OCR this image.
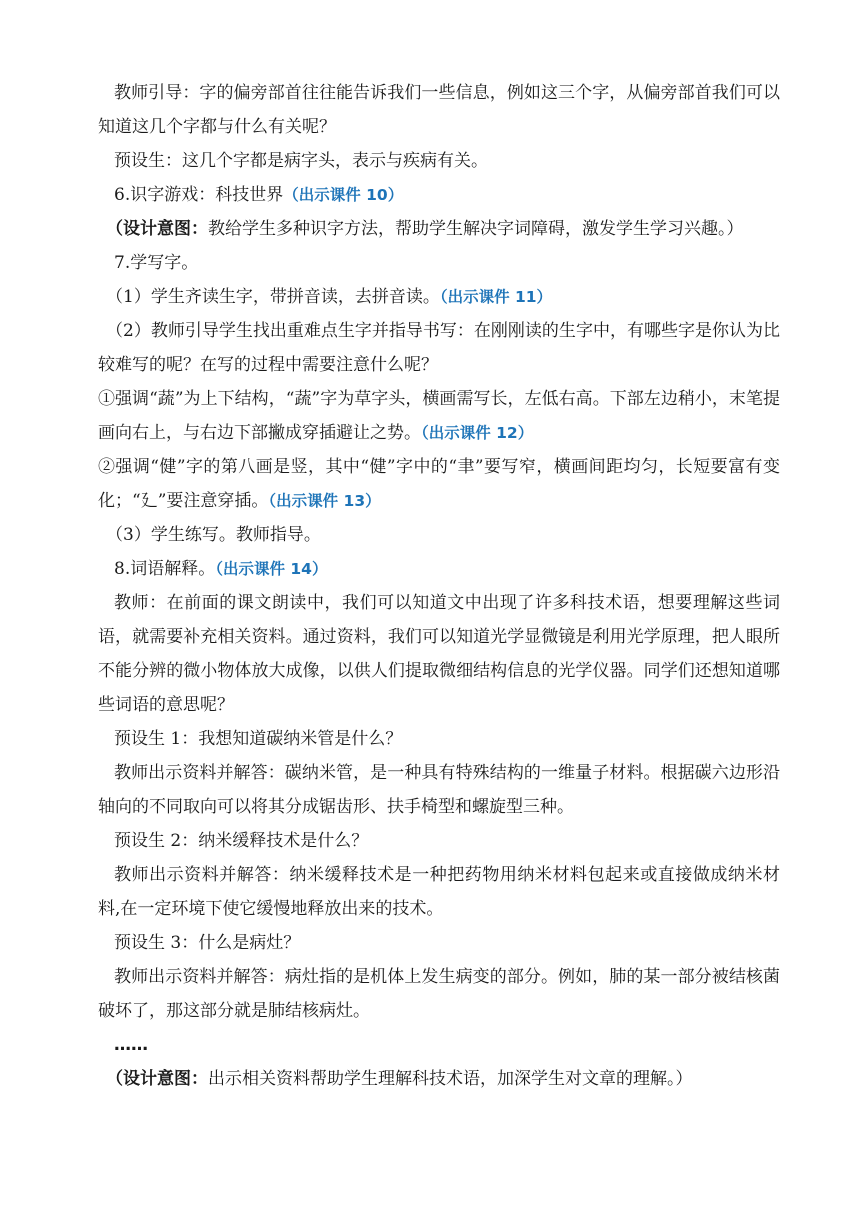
教师引导：字的偏旁部首往往能告诉我们一些信息，例如这三个字，从偏旁部首我们可以知道这几个字都与什么有关呢？

预设生：这几个字都是病字头，表示与疾病有关。

6.识字游戏：科技世界（出示课件 10）

（设计意图：教给学生多种识字方法，帮助学生解决字词障碍，激发学生学习兴趣。）

7.学写字。

（1）学生齐读生字，带拼音读，去拼音读。（出示课件 11）

（2）教师引导学生找出重难点生字并指导书写：在刚刚读的生字中，有哪些字是你认为比较难写的呢？在写的过程中需要注意什么呢？

①强调“蔬”为上下结构，“蔬”字为草字头，横画需写长，左低右高。下部左边稍小，末笔提画向右上，与右边下部撇成穿插避让之势。（出示课件 12）

②强调“健”字的第八画是竖，其中“健”字中的“聿”要写窄，横画间距均匀，长短要富有变化；“廴”要注意穿插。（出示课件 13）

（3）学生练写。教师指导。

8.词语解释。（出示课件 14）

教师：在前面的课文朗读中，我们可以知道文中出现了许多科技术语，想要理解这些词语，就需要补充相关资料。通过资料，我们可以知道光学显微镜是利用光学原理，把人眼所不能分辨的微小物体放大成像，以供人们提取微细结构信息的光学仪器。同学们还想知道哪些词语的意思呢？

预设生 1：我想知道碳纳米管是什么？

教师出示资料并解答：碳纳米管，是一种具有特殊结构的一维量子材料。根据碳六边形沿轴向的不同取向可以将其分成锯齿形、扶手椅型和螺旋型三种。

预设生 2：纳米缓释技术是什么？

教师出示资料并解答：纳米缓释技术是一种把药物用纳米材料包起来或直接做成纳米材料,在一定环境下使它缓慢地释放出来的技术。

预设生 3：什么是病灶？

教师出示资料并解答：病灶指的是机体上发生病变的部分。例如，肺的某一部分被结核菌破坏了，那这部分就是肺结核病灶。

……

（设计意图：出示相关资料帮助学生理解科技术语，加深学生对文章的理解。）
